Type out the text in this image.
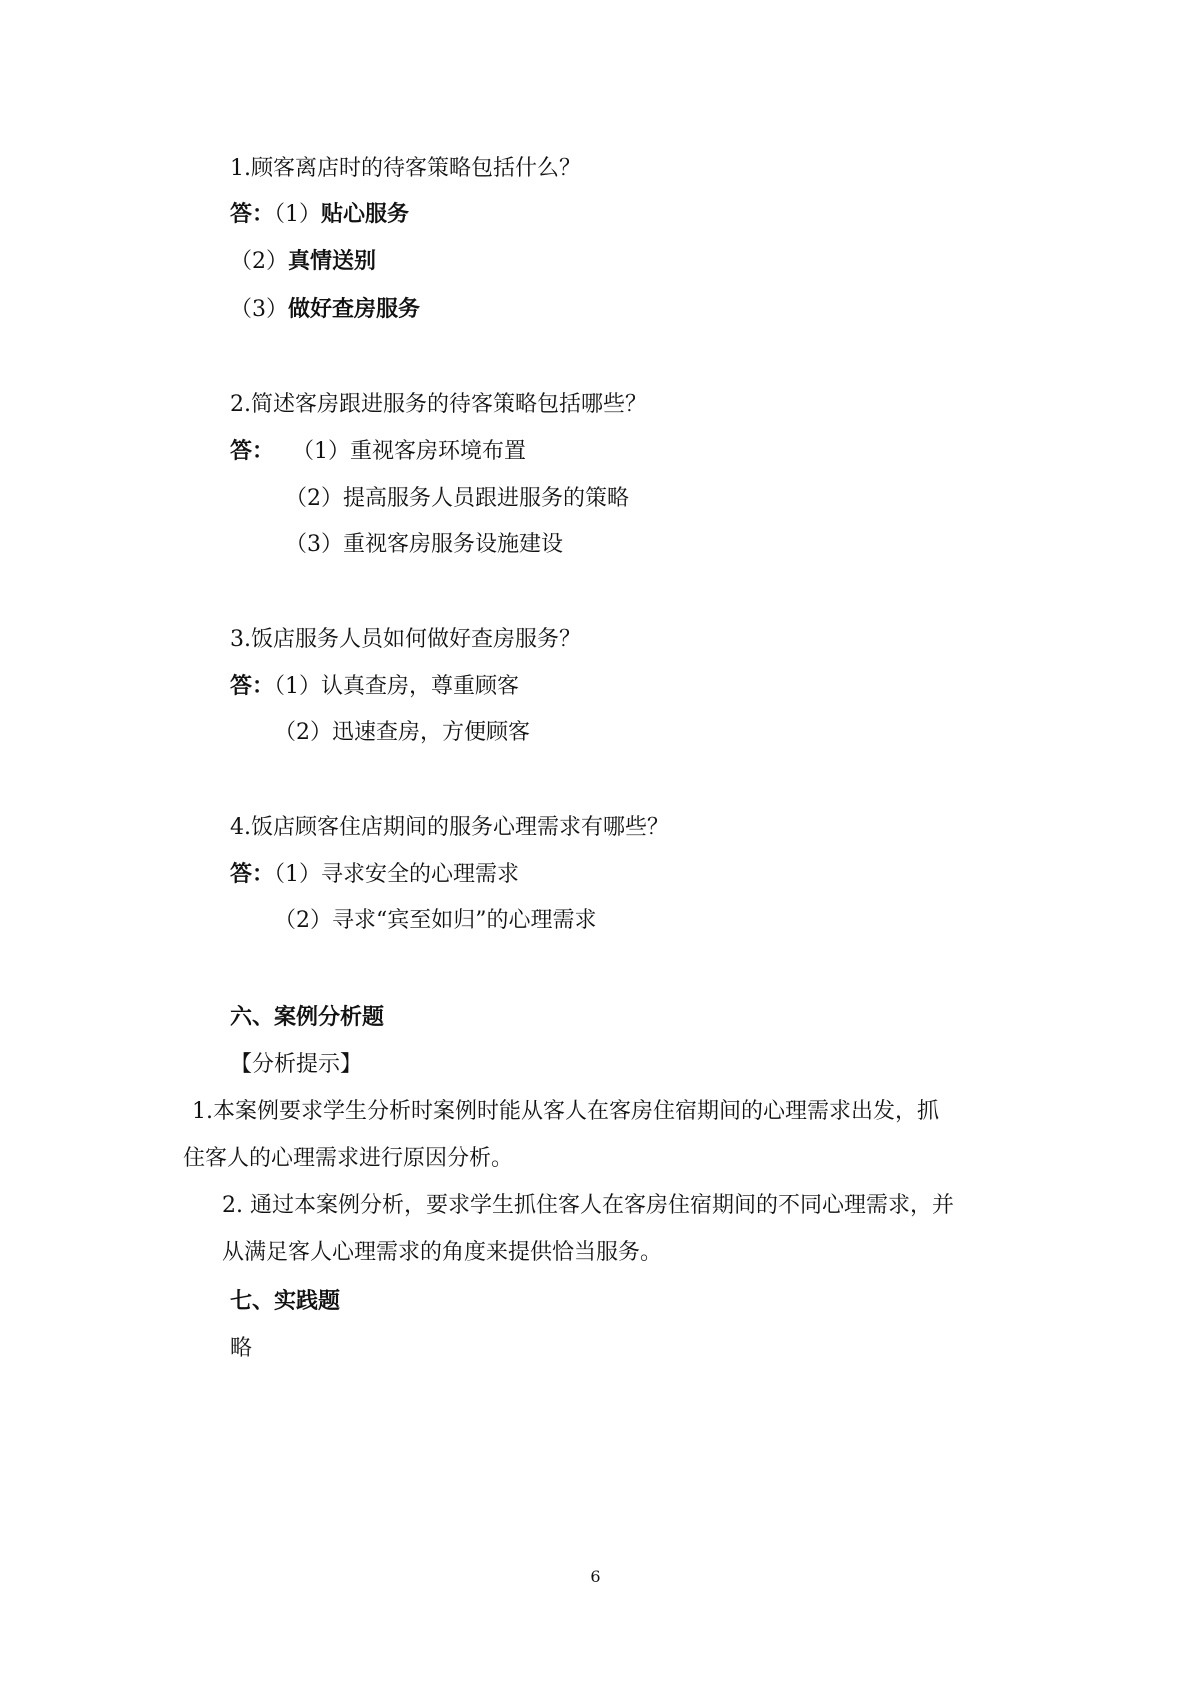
1.顾客离店时的待客策略包括什么？
答：（1）贴心服务
（2）真情送别
（3）做好查房服务
2.简述客房跟进服务的待客策略包括哪些？
答： （1）重视客房环境布置
（2）提高服务人员跟进服务的策略
（3）重视客房服务设施建设
3.饭店服务人员如何做好查房服务？
答：（1）认真查房，尊重顾客
（2）迅速查房，方便顾客
4.饭店顾客住店期间的服务心理需求有哪些？
答：（1）寻求安全的心理需求
（2）寻求“宾至如归”的心理需求
六、案例分析题
【分析提示】
1.本案例要求学生分析时案例时能从客人在客房住宿期间的心理需求出发，抓
住客人的心理需求进行原因分析。
2. 通过本案例分析，要求学生抓住客人在客房住宿期间的不同心理需求，并
从满足客人心理需求的角度来提供恰当服务。
七、实践题
略
6
